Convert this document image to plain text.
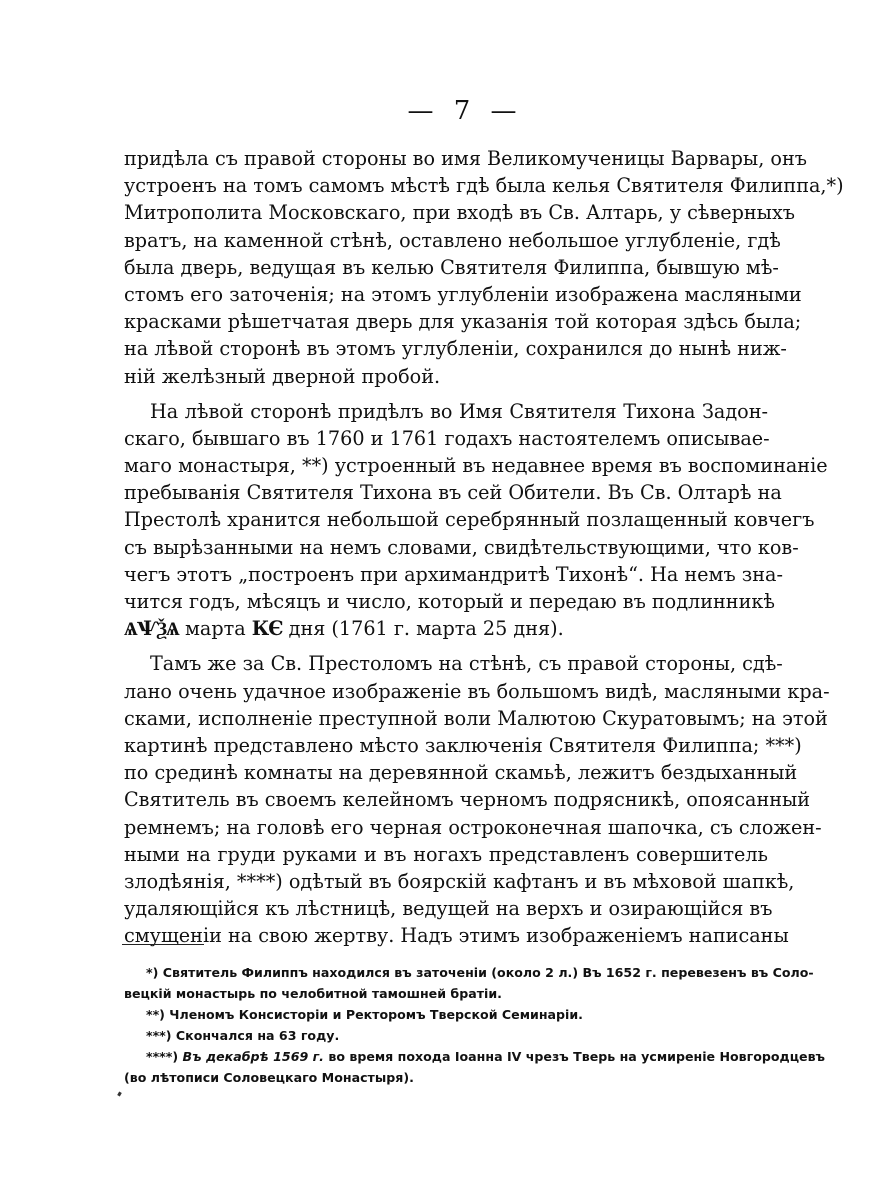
— 7 —
придѣла съ правой стороны во имя Великомученицы Варвары, онъ
устроенъ на томъ самомъ мѣстѣ гдѣ была келья Святителя Филиппа,*)
Митрополита Московскаго, при входѣ въ Св. Алтарь, у сѣверныхъ
вратъ, на каменной стѣнѣ, оставлено небольшое углубленіе, гдѣ
была дверь, ведущая въ келью Святителя Филиппа, бывшую мѣ-
стомъ его заточенія; на этомъ углубленіи изображена масляными
красками рѣшетчатая дверь для указанія той которая здѣсь была;
на лѣвой сторонѣ въ этомъ углубленіи, сохранился до нынѣ ниж-
ній желѣзный дверной пробой.
На лѣвой сторонѣ придѣлъ во Имя Святителя Тихона Задон-
скаго, бывшаго въ 1760 и 1761 годахъ настоятелемъ описывае-
маго монастыря, **) устроенный въ недавнее время въ воспоминаніе
пребыванія Святителя Тихона въ сей Обители. Въ Св. Олтарѣ на
Престолѣ хранится небольшой серебрянный позлащенный ковчегъ
съ вырѣзанными на немъ словами, свидѣтельствующими, что ков-
чегъ этотъ „построенъ при архимандритѣ Тихонѣ“. На немъ зна-
чится годъ, мѣсяцъ и число, который и передаю въ подлинникѣ
ѦѰѮѦ марта КЄ дня (1761 г. марта 25 дня).
Тамъ же за Св. Престоломъ на стѣнѣ, съ правой стороны, сдѣ-
лано очень удачное изображеніе въ большомъ видѣ, масляными кра-
сками, исполненіе преступной воли Малютою Скуратовымъ; на этой
картинѣ представлено мѣсто заключенія Святителя Филиппа; ***)
по срединѣ комнаты на деревянной скамьѣ, лежитъ бездыханный
Святитель въ своемъ келейномъ черномъ подрясникѣ, опоясанный
ремнемъ; на головѣ его черная остроконечная шапочка, съ сложен-
ными на груди руками и въ ногахъ представленъ совершитель
злодѣянія, ****) одѣтый въ боярскій кафтанъ и въ мѣховой шапкѣ,
удаляющійся къ лѣстницѣ, ведущей на верхъ и озирающійся въ
смущеніи на свою жертву. Надъ этимъ изображеніемъ написаны
*) Святитель Филиппъ находился въ заточеніи (около 2 л.) Въ 1652 г. перевезенъ въ Соло-
вецкій монастырь по челобитной тамошней братіи.
**) Членомъ Консисторіи и Ректоромъ Тверской Семинаріи.
***) Скончался на 63 году.
****) Въ декабрѣ 1569 г. во время похода Іоанна IV чрезъ Тверь на усмиреніе Новгородцевъ
(во лѣтописи Соловецкаго Монастыря).
